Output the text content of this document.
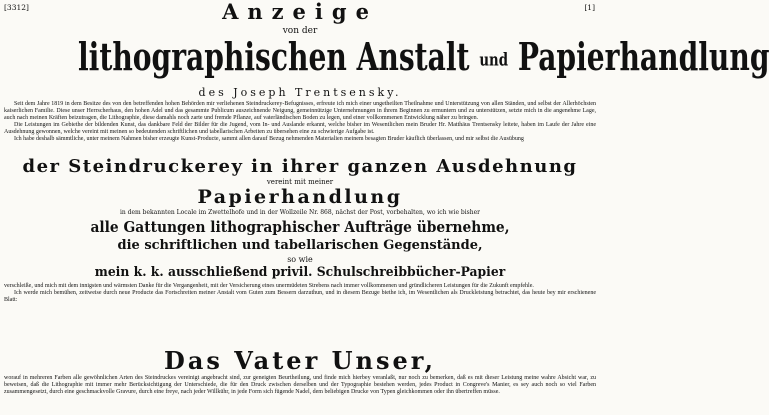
[3312]	[1]
Anzeige
von der
lithographischen Anstalt und Papierhandlung
des Joseph Trentsensky.
Seit dem Jahre 1819 in dem Besitze des von den betreffenden hohen Behörden mir verliehenen Steindruckerey-Befugnisses, erfreute ich mich einer ungetheilten Theilnahme und Unterstützung von allen Ständen, und selbst der Allerhöchsten kaiserlichen Familie. Diese unser Herrscherhaus, den hohen Adel und das gesammte Publicum auszeichnende Neigung, gemeinnützige Unternehmungen in ihrem Beginnen zu ermuntern und zu unterstützen, setzte mich in die angenehme Lage, auch nach meinen Kräften beizutragen, die Lithographie, diese damahls noch zarte und fremde Pflanze, auf vaterländischen Boden zu legen, und einer vollkommenen Entwicklung näher zu bringen.
Die Leistungen im Gebiethe der bildenden Kunst, das dankbare Feld der Bilder für die Jugend, vom In- und Auslande erkannt, welche bisher im Wesentlichen mein Bruder Hr. Matthäus Trentsensky leitete, haben im Laufe der Jahre eine Ausdehnung gewonnen, welche vereint mit meinen so bedeutenden schriftlichen und tabellarischen Arbeiten zu übersehen eine zu schwierige Aufgabe ist.
Ich habe deshalb sämmtliche, unter meinem Nahmen bisher erzeugte Kunst-Producte, sammt allen darauf Bezug nehmenden Materialien meinem besagten Bruder käuflich überlassen, und mir selbst die Ausübung
der Steindruckerey in ihrer ganzen Ausdehnung
vereint mit meiner
Papierhandlung
in dem bekannten Locale im Zwettelhofe und in der Wollzeile Nr. 868, nächst der Post, vorbehalten, wo ich wie bisher
alle Gattungen lithographischer Aufträge übernehme,
die schriftlichen und tabellarischen Gegenstände,
so wie
mein k. k. ausschließend privil. Schulschreibbücher-Papier
verschleiße, und mich mit dem innigsten und wärmsten Danke für die Vergangenheit, mit der Versicherung eines unermüdeten Strebens nach immer vollkommenen und gründlicheren Leistungen für die Zukunft empfehle.
Ich werde mich bemühen, zeitweise durch neue Producte das Fortschreiten meiner Anstalt vom Guten zum Bessern darzuthun, und in diesem Bezuge biethe ich, im Wesentlichen als Druckleistung betrachtet, das heute bey mir erschienene Blatt:
Das Vater Unser,
worauf in mehreren Farben alle gewöhnlichen Arten des Steindruckes vereinigt angebracht sind, zur geneigten Beurtheilung, und finde mich hierbey veranlaßt, nur noch zu bemerken, daß es mit dieser Leistung meine wahre Absicht war, zu beweisen, daß die Lithographie mit immer mehr Berücksichtigung der Unterschiede, die für den Druck zwischen derselben und der Typographie bestehen werden, jedes Product in Congreve's Manier, es sey auch noch so viel Farben zusammengesetzt, durch eine geschmackvolle Gravure, durch eine freye, nach jeder Willkühr, in jede Form sich fügende Nadel, dem beliebigen Drucke von Typen gleichkommen oder ihn übertreffen müsse.
